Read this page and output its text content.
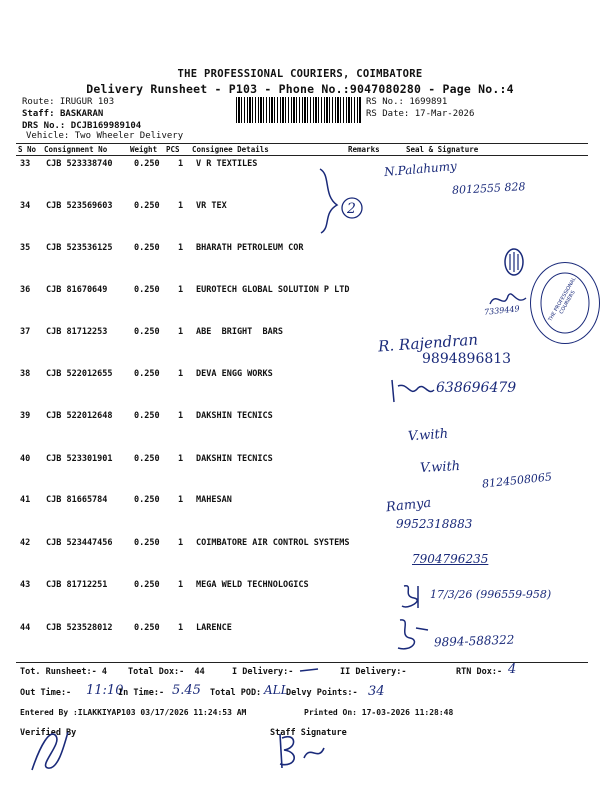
THE PROFESSIONAL COURIERS, COIMBATORE
Delivery Runsheet - P103 - Phone No.:9047080280 - Page No.:4
Route: IRUGUR 103
Staff: BASKARAN
DRS No.: DCJB169989104
Vehicle: Two Wheeler Delivery
RS No.: 1699891
RS Date: 17-Mar-2026
S No Consignment No	Weight PCS Consignee Details	Remarks	Seal & Signature
33 CJB 523338740	0.250 1 V R TEXTILES
34 CJB 523569603	0.250 1 VR TEX
35 CJB 523536125	0.250 1 BHARATH PETROLEUM COR
36 CJB 81670649	0.250 1 EUROTECH GLOBAL SOLUTION P LTD
37 CJB 81712253	0.250 1 ABE  BRIGHT  BARS
38 CJB 522012655	0.250 1 DEVA ENGG WORKS
39 CJB 522012648	0.250 1 DAKSHIN TECNICS
40 CJB 523301901	0.250 1 DAKSHIN TECNICS
41 CJB 81665784	0.250 1 MAHESAN
42 CJB 523447456	0.250 1 COIMBATORE AIR CONTROL SYSTEMS
43 CJB 81712251	0.250 1 MEGA WELD TECHNOLOGICS
44 CJB 523528012	0.250 1 LARENCE
N.Palahumy
8012555 828
2
THE PROFESSIONAL COURIERS
7339449
R. Rajendran
9894896813
638696479
V.with
V.with
8124508065
Ramya
9952318883
7904796235
17/3/26 (996559-958)
9894-588322
Tot. Runsheet:- 4 Total Dox:-  44	I Delivery:-	II Delivery:-	RTN Dox:- 4
Out Time:- 11:10
In Time:- 5.45 Total POD: ALL
Delvy Points:- 34
Entered By :ILAKKIYAP103 03/17/2026 11:24:53 AM	Printed On: 17-03-2026 11:28:48
Verified By	Staff Signature
